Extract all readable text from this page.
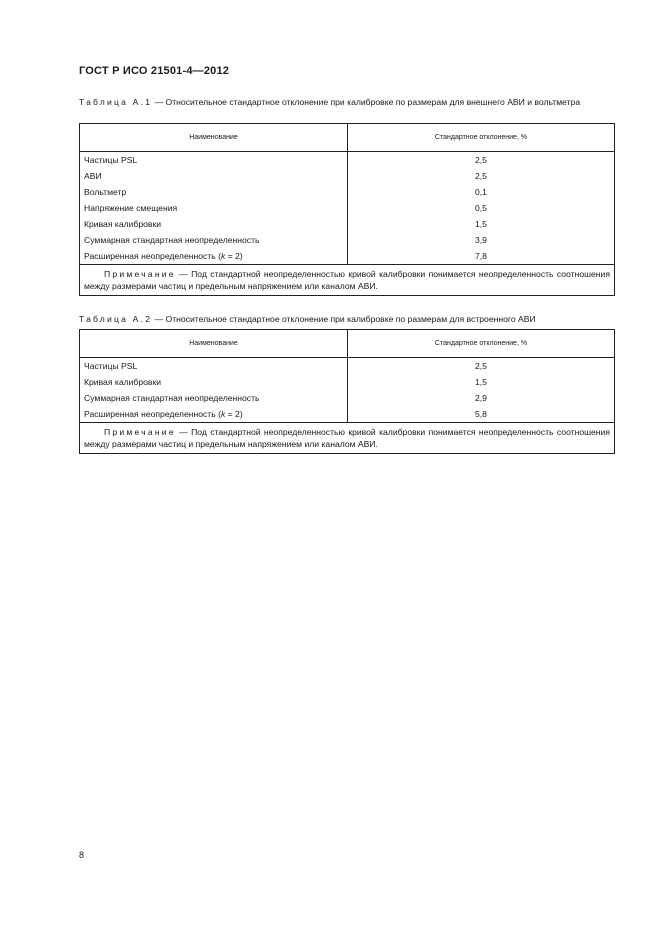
ГОСТ Р ИСО 21501-4—2012
Таблица А.1 — Относительное стандартное отклонение при калибровке по размерам для внешнего АВИ и вольтметра
Наименование	Стандартное отклонение, %
Частицы PSL	2,5
АВИ	2,5
Вольтметр	0,1
Напряжение смещения	0,5
Кривая калибровки	1,5
Суммарная стандартная неопределенность	3,9
Расширенная неопределенность (k = 2)	7,8
Примечание — Под стандартной неопределенностью кривой калибровки понимается неопределенность соотношения между размерами частиц и предельным напряжением или каналом АВИ.	
Таблица А.2 — Относительное стандартное отклонение при калибровке по размерам для встроенного АВИ
Наименование	Стандартное отклонение, %
Частицы PSL	2,5
Кривая калибровки	1,5
Суммарная стандартная неопределенность	2,9
Расширенная неопределенность (k = 2)	5,8
Примечание — Под стандартной неопределенностью кривой калибровки понимается неопределенность соотношения между размерами частиц и предельным напряжением или каналом АВИ.	
8
